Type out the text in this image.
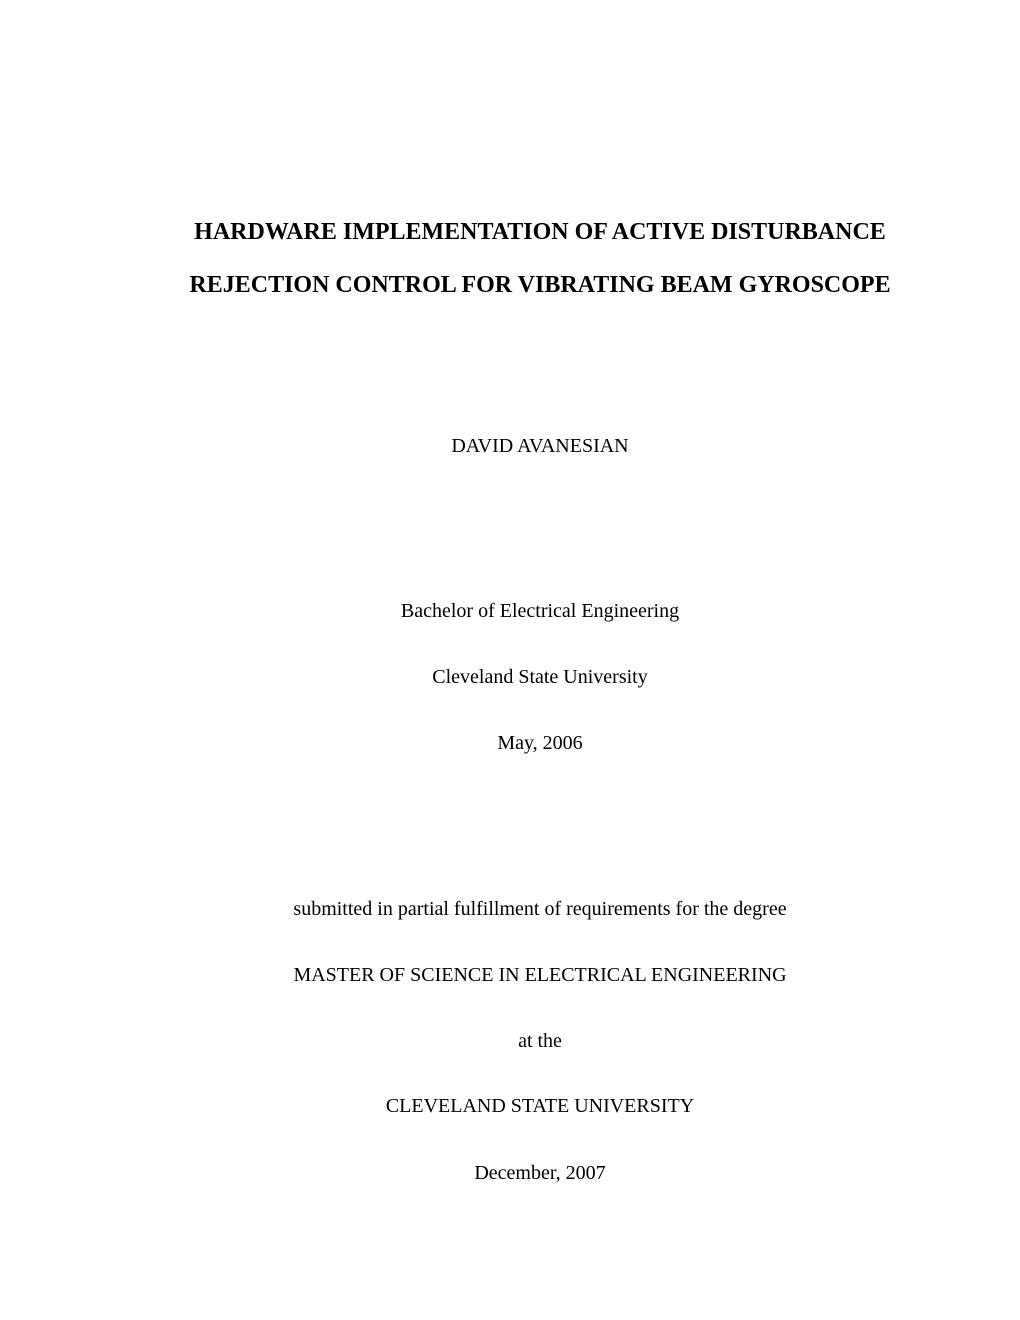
HARDWARE IMPLEMENTATION OF ACTIVE DISTURBANCE
REJECTION CONTROL FOR VIBRATING BEAM GYROSCOPE
DAVID AVANESIAN
Bachelor of Electrical Engineering
Cleveland State University
May, 2006
submitted in partial fulfillment of requirements for the degree
MASTER OF SCIENCE IN ELECTRICAL ENGINEERING
at the
CLEVELAND STATE UNIVERSITY
December, 2007
